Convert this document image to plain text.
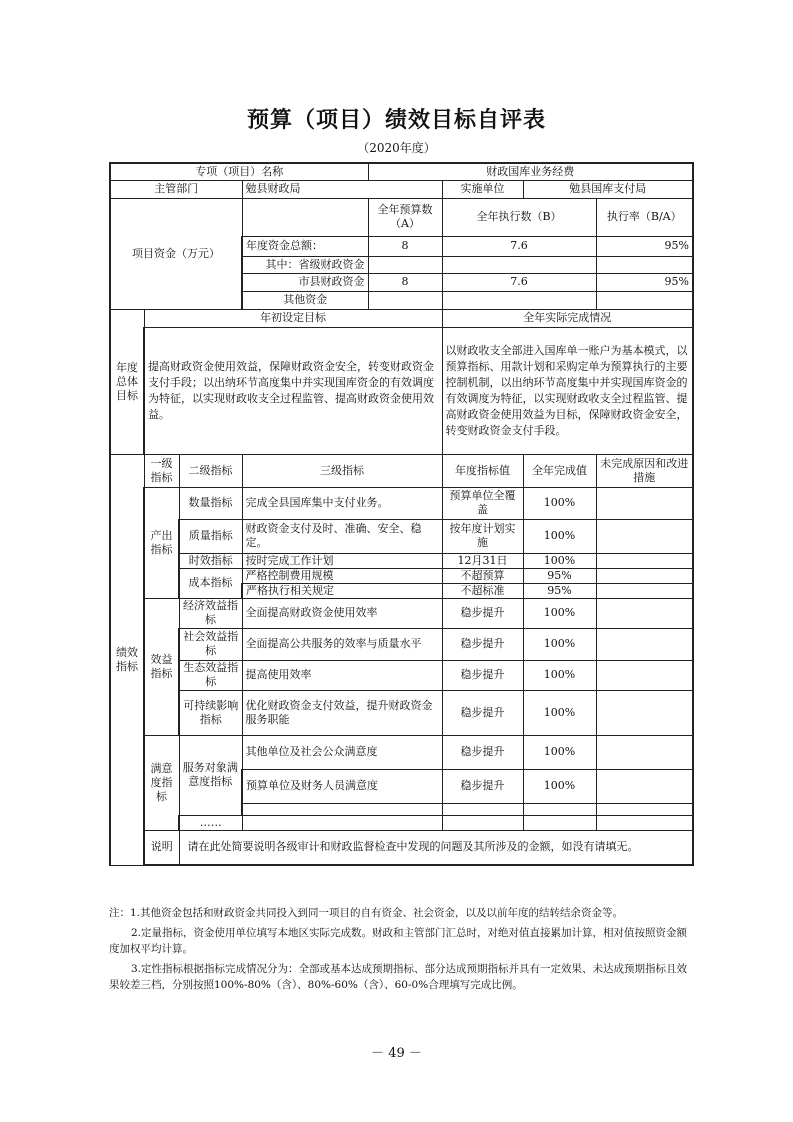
预算（项目）绩效目标自评表
（2020年度）
专项（项目）名称				财政国库业务经费			
主管部门			勉县财政局		实施单位	勉县国库支付局	
项目资金（万元）				全年预算数（A）	全年执行数（B）		执行率（B/A）
			年度资金总额：	8	7.6		95%
			其中：省级财政资金				
			市县财政资金	8	7.6		95%
			其他资金				
年度总体目标	年初设定目标				全年实际完成情况		
	提高财政资金使用效益，保障财政资金安全，转变财政资金支付手段；以出纳环节高度集中并实现国库资金的有效调度为特征，以实现财政收支全过程监管、提高财政资金使用效益。				以财政收支全部进入国库单一账户为基本模式，以预算指标、用款计划和采购定单为预算执行的主要控制机制，以出纳环节高度集中并实现国库资金的有效调度为特征，以实现财政收支全过程监管、提高财政资金使用效益为目标，保障财政资金安全，转变财政资金支付手段。		
绩效指标	一级指标	二级指标	三级指标		年度指标值	全年完成值	未完成原因和改进措施
	产出指标	数量指标	完成全县国库集中支付业务。		预算单位全覆盖	100%	
		质量指标	财政资金支付及时、准确、安全、稳定。		按年度计划实施	100%	
		时效指标	按时完成工作计划		12月31日	100%	
		成本指标	严格控制费用规模		不超预算	95%	
			严格执行相关规定		不超标准	95%	
	效益指标	经济效益指标	全面提高财政资金使用效率		稳步提升	100%	
		社会效益指标	全面提高公共服务的效率与质量水平		稳步提升	100%	
		生态效益指标	提高使用效率		稳步提升	100%	
		可持续影响指标	优化财政资金支付效益，提升财政资金服务职能		稳步提升	100%	
	满意度指标	服务对象满意度指标	其他单位及社会公众满意度		稳步提升	100%	
			预算单位及财务人员满意度		稳步提升	100%	

		……					
	说明	请在此处简要说明各级审计和财政监督检查中发现的问题及其所涉及的金额，如没有请填无。					

注：1.其他资金包括和财政资金共同投入到同一项目的自有资金、社会资金，以及以前年度的结转结余资金等。

2.定量指标，资金使用单位填写本地区实际完成数。财政和主管部门汇总时，对绝对值直接累加计算，相对值按照资金额度加权平均计算。

3.定性指标根据指标完成情况分为：全部或基本达成预期指标、部分达成预期指标并具有一定效果、未达成预期指标且效果较差三档，分别按照100%-80%（含）、80%-60%（含）、60-0%合理填写完成比例。

－ 49 －
